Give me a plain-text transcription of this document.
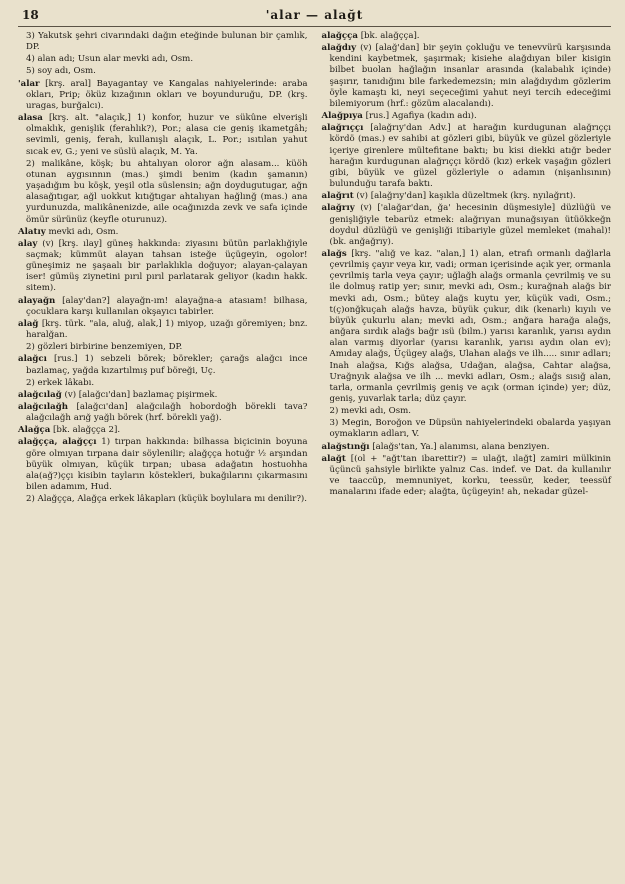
18	'alar — alağt

3) Yakutsk şehri civarındaki dağın eteğinde bulunan bir çamlık, DP.

4) alan adı; Usun alar mevki adı, Osm.

5) soy adı, Osm.

'alar [krş. aral] Bayagantay ve Kangalas nahiyelerinde: araba okları, Prip; öküz kızağının okları ve boyunduruğu, DP. (krş. uragas, burğalcı).

alasa [krş. alt. "alaçık,] 1) konfor, huzur ve sükûne elverişli olmaklık, genişlik (ferahlık?), Por.; alasa cie geniş ikametgâh; sevimli, geniş, ferah, kullanışlı alaçık, L. Por.; ısıtılan yahut sıcak ev, G.; yeni ve süslü alaçık, M. Ya.

2) malikâne, köşk; bu ahtalıyan oloror ağn alasam... küöh otunan aygısınnın (mas.) şimdi benim (kadın şamanın) yaşadığım bu köşk, yeşil otla süslensin; ağn doydugutugar, ağn alasağıtıgar, ağl uokkut kıtığtıgar ahtalıyan hağlınğ (mas.) ana yurdunuzda, malikânenizde, aile ocağınızda zevk ve safa içinde ömür sürünüz (keyfle oturunuz).

Alatıy mevki adı, Osm.

alay (v) [krş. ılay] güneş hakkında: ziyasını bütün parlaklığiyle saçmak; kümmüt alayan tahsan isteğe üçügeyin, ogolor! güneşimiz ne şaşaalı bir parlaklıkla doğuyor; alayan-çalayan iser! gümüş ziynetini pırıl pırıl parlatarak geliyor (kadın hakk. sitem).

alayağn [alay'dan?] alayağn-ım! alayağna-a atasıam! bilhasa, çocuklara karşı kullanılan okşayıcı tabirler.

alağ [krş. türk. "ala, aluğ, alak,] 1) miyop, uzağı göremiyen; bnz. haralğan.

2) gözleri birbirine benzemiyen, DP.

alağcı [rus.] 1) sebzeli börek; börekler; çarağs alağcı ince bazlamaç, yağda kızartılmış puf böreği, Uç.

2) erkek lâkabı.

alağcılağ (v) [alağcı'dan] bazlamaç pişirmek.

alağcılağh [alağcı'dan] alağcılağh hobordoğh börekli tava? alağcılağh arığ yağlı börek (hrf. börekli yağ).

Alağça [bk. alağçça 2].

alağçça, alağççı 1) tırpan hakkında: bilhassa biçicinin boyuna göre olmıyan tırpana dair söylenilir; alağçça hotuğr ½ arşından büyük olmıyan, küçük tırpan; ubasa adağatın hostuohha ala(ağ?)ççı kisibin tayların köstekleri, bukağılarını çıkarmasını bilen adamım, Hud.

2) Alağçça, Alağça erkek lâkapları (küçük boylulara mı denilir?).

alağçça [bk. alağçça].

alağdıy (v) [alağ'dan] bir şeyin çokluğu ve tenevvürü karşısında kendini kaybetmek, şaşırmak; kisiehe alağdıyan biler kisigin bilbet buolan hağlağın insanlar arasında (kalabalık içinde) şaşırır, tanıdığını bile farkedemezsin; min alağdıydım gözlerim öyle kamaştı ki, neyi seçeceğimi yahut neyi tercih edeceğimi bilemiyorum (hrf.: gözüm alacalandı).

Alağpıya [rus.] Agafiya (kadın adı).

alağrıççı [alağrıy'dan Adv.] at harağın kurdugunan alağrıççı kördö (mas.) ev sahibi at gözleri gibi, büyük ve güzel gözleriyle içeriye girenlere mültefitane baktı; bu kisi diekki atığr beder harağın kurdugunan alağrıççı kördö (kız) erkek vaşağın gözleri gibi, büyük ve güzel gözleriyle o adamın (nişanlısının) bulunduğu tarafa baktı.

alağrıt (v) [alağrıy'dan] kaşıkla düzeltmek (krş. nyılağrıt).

alağrıy (v) ['alağar'dan, ğa' hecesinin düşmesiyle] düzlüğü ve genişliğiyle tebarüz etmek: alağrıyan munağsıyan ütüökkeğn doydul düzlüğü ve genişliği itibariyle güzel memleket (mahal)! (bk. anğağrıy).

alağs [krş. "alığ ve kaz. "alan,] 1) alan, etrafı ormanlı dağlarla çevrilmiş çayır veya kır, vadi; orman içerisinde açık yer, ormanla çevrilmiş tarla veya çayır; uğlağh alağs ormanla çevrilmiş ve su ile dolmuş ratip yer; sınır, mevki adı, Osm.; kurağnah alağs bir mevki adı, Osm.; bütey alağs kuytu yer, küçük vadi, Osm.; t(ç)onğkuçah alağs havza, büyük çukur, dik (kenarlı) kıyılı ve büyük çukurlu alan; mevki adı, Osm.; anğara harağa alağs, anğara sırdık alağs bağr ısü (bilm.) yarısı karanlık, yarısı aydın alan varmış diyorlar (yarısı karanlık, yarısı aydın olan ev); Amıday alağs, Üçügey alağs, Ulahan alağs ve ilh..... sınır adları; Inah alağsa, Kığs alağsa, Udağan, alağsa, Cahtar alağsa, Urağnyık alağsa ve ilh ... mevki adları, Osm.; alağs sısığ alan, tarla, ormanla çevrilmiş geniş ve açık (orman içinde) yer; düz, geniş, yuvarlak tarla; düz çayır.

2) mevki adı, Osm.

3) Megin, Boroğon ve Düpsün nahiyelerindeki obalarda yaşıyan oymakların adları, V.

alağstınğı [alağs'tan, Ya.] alanımsı, alana benziyen.

alağt [(ol + "ağt'tan ibarettir?) = ulağt, ılağt] zamiri mülkinin üçüncü şahsiyle birlikte yalnız Cas. indef. ve Dat. da kullanılır ve taaccüp, memnuniyet, korku, teessür, keder, teessüf manalarını ifade eder; alağta, üçügeyin! ah, nekadar güzel-
